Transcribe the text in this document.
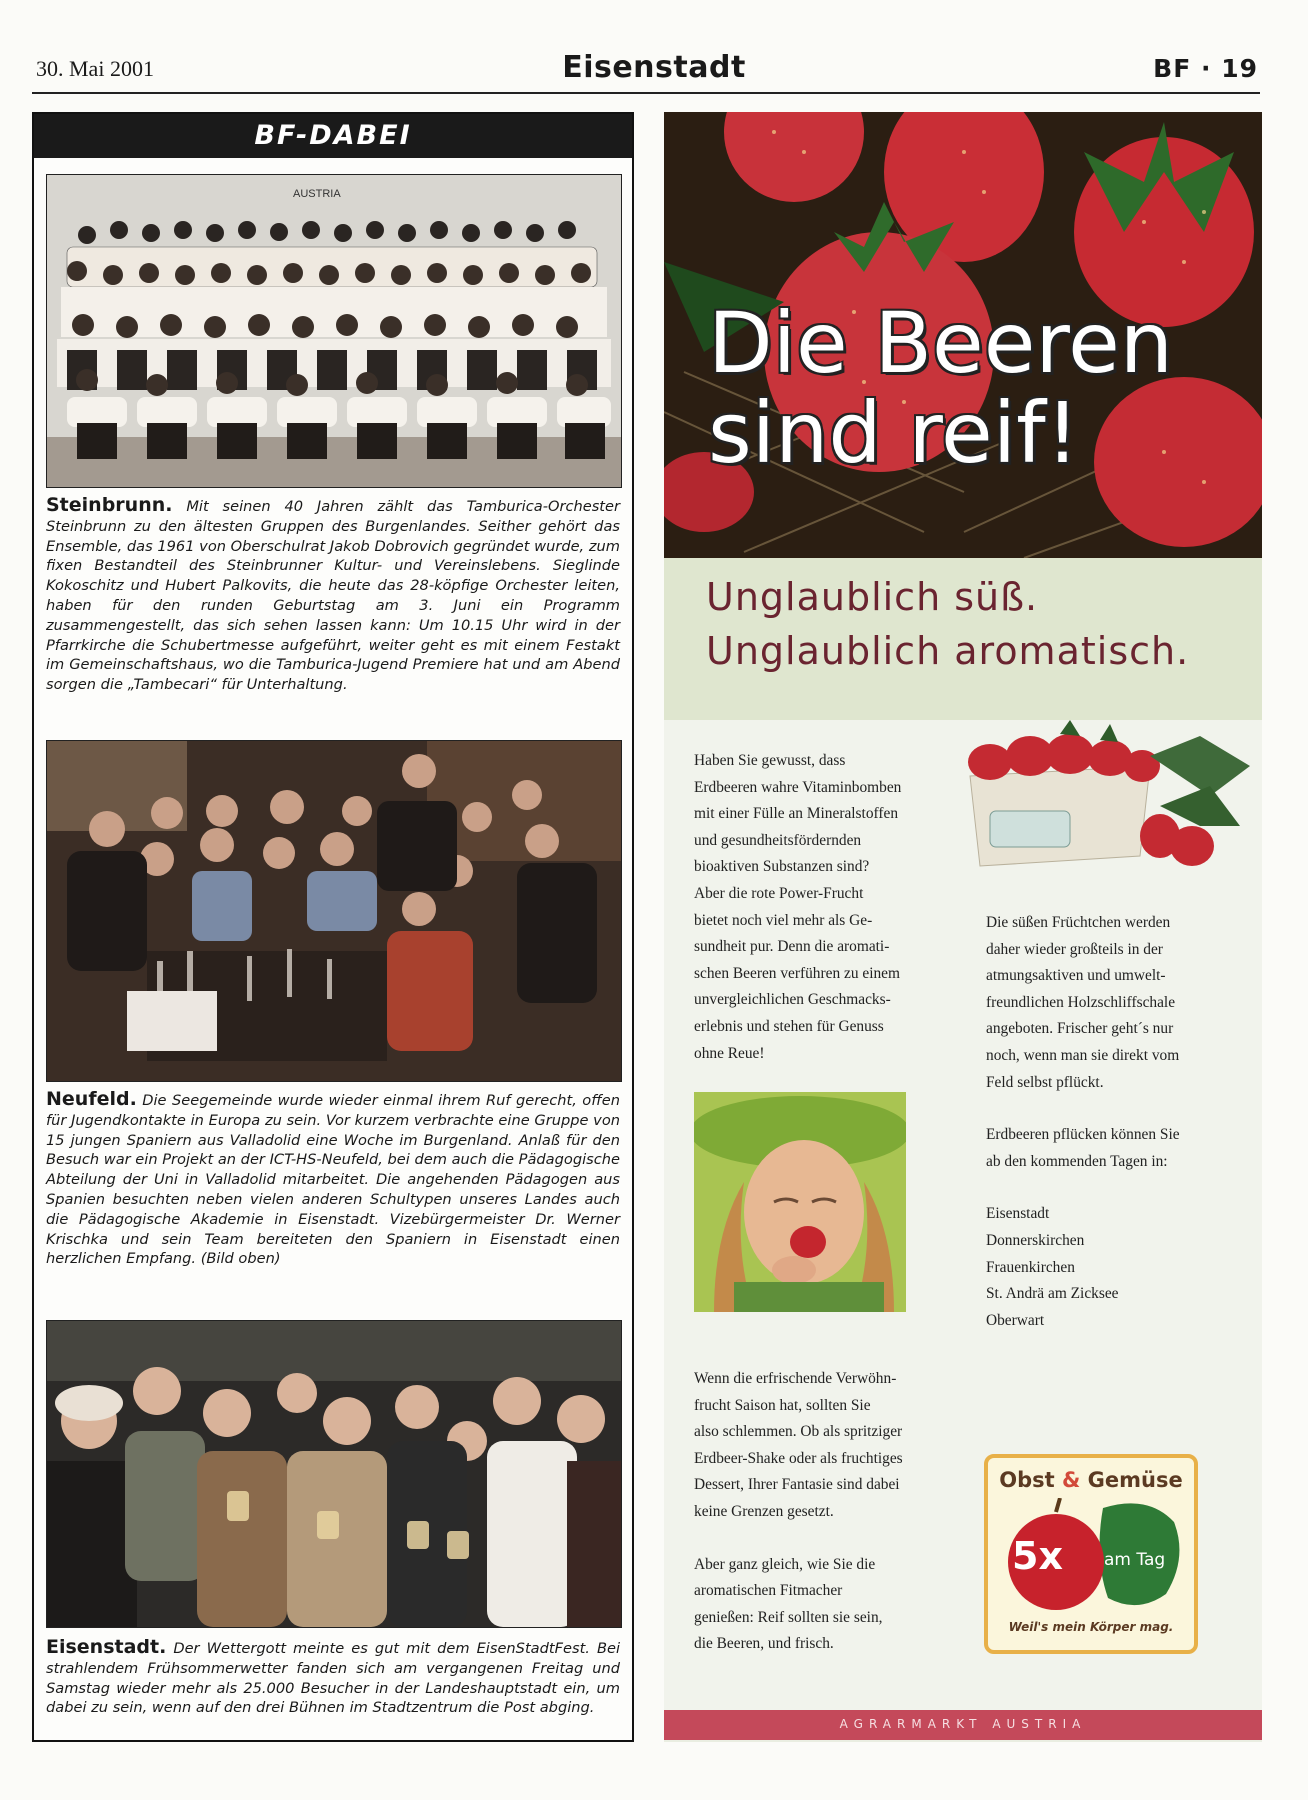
30. Mai 2001	Eisenstadt	BF · 19
BF-DABEI
AUSTRIA
Steinbrunn. Mit seinen 40 Jahren zählt das Tamburica-Orchester Steinbrunn zu den ältesten Gruppen des Burgenlandes. Seither gehört das Ensemble, das 1961 von Oberschulrat Jakob Dobrovich gegründet wurde, zum fixen Bestandteil des Steinbrunner Kultur- und Vereinslebens. Sieglinde Kokoschitz und Hubert Palkovits, die heute das 28-köpfige Orchester leiten, haben für den runden Geburtstag am 3. Juni ein Programm zusammengestellt, das sich sehen lassen kann: Um 10.15 Uhr wird in der Pfarrkirche die Schubertmesse aufgeführt, weiter geht es mit einem Festakt im Gemeinschaftshaus, wo die Tamburica-Jugend Premiere hat und am Abend sorgen die „Tambecari“ für Unterhaltung.
Neufeld. Die Seegemeinde wurde wieder einmal ihrem Ruf gerecht, offen für Jugendkontakte in Europa zu sein. Vor kurzem verbrachte eine Gruppe von 15 jungen Spaniern aus Valladolid eine Woche im Burgenland. Anlaß für den Besuch war ein Projekt an der ICT-HS-Neufeld, bei dem auch die Pädagogische Abteilung der Uni in Valladolid mitarbeitet. Die angehenden Pädagogen aus Spanien besuchten neben vielen anderen Schultypen unseres Landes auch die Pädagogische Akademie in Eisenstadt. Vizebürgermeister Dr. Werner Krischka und sein Team bereiteten den Spaniern in Eisenstadt einen herzlichen Empfang. (Bild oben)
Eisenstadt. Der Wettergott meinte es gut mit dem EisenStadtFest. Bei strahlendem Frühsommerwetter fanden sich am vergangenen Freitag und Samstag wieder mehr als 25.000 Besucher in der Landeshauptstadt ein, um dabei zu sein, wenn auf den drei Bühnen im Stadtzentrum die Post abging.
Die Beeren
sind reif!
Unglaublich süß.
Unglaublich aromatisch.

Haben Sie gewusst, dass

Erdbeeren wahre Vitaminbomben

mit einer Fülle an Mineralstoffen

und gesundheitsfördernden

bioaktiven Substanzen sind?

Aber die rote Power-Frucht

bietet noch viel mehr als Ge-

sundheit pur. Denn die aromati-

schen Beeren verführen zu einem

unvergleichlichen Geschmacks-

erlebnis und stehen für Genuss

ohne Reue!

Wenn die erfrischende Verwöhn-

frucht Saison hat, sollten Sie

also schlemmen. Ob als spritziger

Erdbeer-Shake oder als fruchtiges

Dessert, Ihrer Fantasie sind dabei

keine Grenzen gesetzt.

Aber ganz gleich, wie Sie die

aromatischen Fitmacher

genießen: Reif sollten sie sein,

die Beeren, und frisch.

Die süßen Früchtchen werden

daher wieder großteils in der

atmungsaktiven und umwelt-

freundlichen Holzschliffschale

angeboten. Frischer geht´s nur

noch, wenn man sie direkt vom

Feld selbst pflückt.

Erdbeeren pflücken können Sie

ab den kommenden Tagen in:

Eisenstadt

Donnerskirchen

Frauenkirchen

St. Andrä am Zicksee

Oberwart

Obst & Gemüse
5x am Tag
Weil's mein Körper mag.
AGRARMARKT AUSTRIA
